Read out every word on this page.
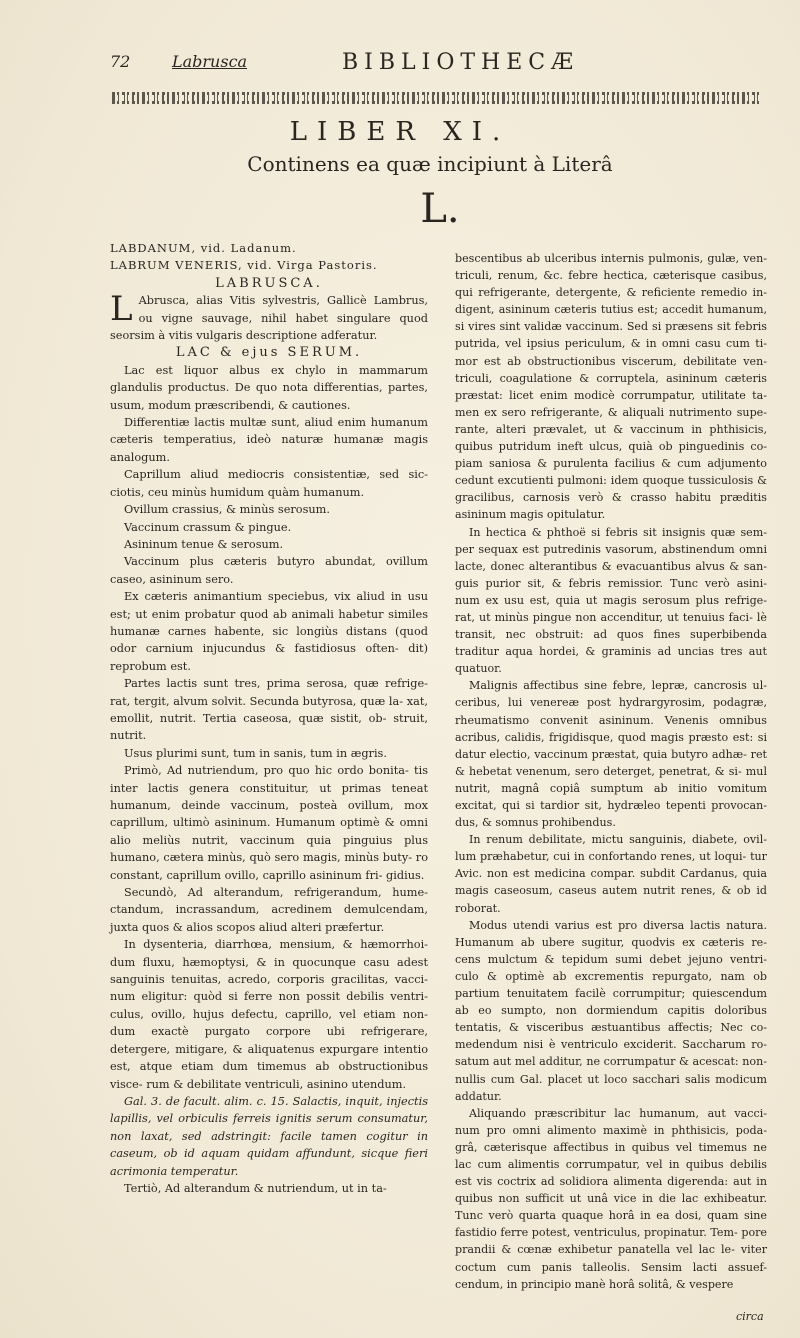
72	Labrusca	BIBLIOTHECÆ
LIBER XI.
Continens ea quæ incipiunt à Literâ
L.

LABDANUM, vid. Ladanum.

LABRUM VENERIS, vid. Virga Pastoris.

LABRUSCA.

L Abrusca, alias Vitis sylvestris, Gallicè Lambrus, ou vigne sauvage, nihil habet singulare quod seorsim à vitis vulgaris descriptione adferatur.

LAC & ejus SERUM.

Lac est liquor albus ex chylo in mammarum glandulis productus. De quo nota differentias, partes, usum, modum præscribendi, & cautiones.

Differentiæ lactis multæ sunt, aliud enim humanum cæteris temperatius, ideò naturæ humanæ magis analogum.

Caprillum aliud mediocris consistentiæ, sed sic- ciotis, ceu minùs humidum quàm humanum.

Ovillum crassius, & minùs serosum.

Vaccinum crassum & pingue.

Asininum tenue & serosum.

Vaccinum plus cæteris butyro abundat, ovillum caseo, asininum sero.

Ex cæteris animantium speciebus, vix aliud in usu est; ut enim probatur quod ab animali habetur similes humanæ carnes habente, sic longiùs distans (quod odor carnium injucundus & fastidiosus often- dit) reprobum est.

Partes lactis sunt tres, prima serosa, quæ refrige- rat, tergit, alvum solvit. Secunda butyrosa, quæ la- xat, emollit, nutrit. Tertia caseosa, quæ sistit, ob- struit, nutrit.

Usus plurimi sunt, tum in sanis, tum in ægris.

Primò, Ad nutriendum, pro quo hic ordo bonita- tis inter lactis genera constituitur, ut primas teneat humanum, deinde vaccinum, posteà ovillum, mox caprillum, ultimò asininum. Humanum optimè & omni alio meliùs nutrit, vaccinum quia pinguius plus humano, cætera minùs, quò sero magis, minùs buty- ro constant, caprillum ovillo, caprillo asininum fri- gidius.

Secundò, Ad alterandum, refrigerandum, hume- ctandum, incrassandum, acredinem demulcendam, juxta quos & alios scopos aliud alteri præfertur.

In dysenteria, diarrhœa, mensium, & hæmorrhoi- dum fluxu, hæmoptysi, & in quocunque casu adest sanguinis tenuitas, acredo, corporis gracilitas, vacci- num eligitur: quòd si ferre non possit debilis ventri- culus, ovillo, hujus defectu, caprillo, vel etiam non- dum exactè purgato corpore ubi refrigerare, detergere, mitigare, & aliquatenus expurgare intentio est, atque etiam dum timemus ab obstructionibus visce- rum & debilitate ventriculi, asinino utendum.

Gal. 3. de facult. alim. c. 15. Salactis, inquit, injectis lapillis, vel orbiculis ferreis ignitis serum consumatur, non laxat, sed adstringit: facile tamen cogitur in caseum, ob id aquam quidam affundunt, sicque fieri acrimonia temperatur.

Tertiò, Ad alterandum & nutriendum, ut in ta-

bescentibus ab ulceribus internis pulmonis, gulæ, ven- triculi, renum, &c. febre hectica, cæterisque casibus, qui refrigerante, detergente, & reficiente remedio in- digent, asininum cæteris tutius est; accedit humanum, si vires sint validæ vaccinum. Sed si præsens sit febris putrida, vel ipsius periculum, & in omni casu cum ti- mor est ab obstructionibus viscerum, debilitate ven- triculi, coagulatione & corruptela, asininum cæteris præstat: licet enim modicè corrumpatur, utilitate ta- men ex sero refrigerante, & aliquali nutrimento supe- rante, alteri prævalet, ut & vaccinum in phthisicis, quibus putridum ineft ulcus, quià ob pinguedinis co- piam saniosa & purulenta facilius & cum adjumento cedunt excutienti pulmoni: idem quoque tussiculosis & gracilibus, carnosis verò & crasso habitu præditis asininum magis opitulatur.

In hectica & phthoë si febris sit insignis quæ sem- per sequax est putredinis vasorum, abstinendum omni lacte, donec alterantibus & evacuantibus alvus & san- guis purior sit, & febris remissior. Tunc verò asini- num ex usu est, quia ut magis serosum plus refrige- rat, ut minùs pingue non accenditur, ut tenuius faci- lè transit, nec obstruit: ad quos fines superbibenda traditur aqua hordei, & graminis ad uncias tres aut quatuor.

Malignis affectibus sine febre, lepræ, cancrosis ul- ceribus, lui venereæ post hydrargyrosim, podagræ, rheumatismo convenit asininum. Venenis omnibus acribus, calidis, frigidisque, quod magis præsto est: si datur electio, vaccinum præstat, quia butyro adhæ- ret & hebetat venenum, sero deterget, penetrat, & si- mul nutrit, magnâ copiâ sumptum ab initio vomitum excitat, qui si tardior sit, hydræleo tepenti provocan- dus, & somnus prohibendus.

In renum debilitate, mictu sanguinis, diabete, ovil- lum præhabetur, cui in confortando renes, ut loqui- tur Avic. non est medicina compar. subdit Cardanus, quia magis caseosum, caseus autem nutrit renes, & ob id roborat.

Modus utendi varius est pro diversa lactis natura. Humanum ab ubere sugitur, quodvis ex cæteris re- cens mulctum & tepidum sumi debet jejuno ventri- culo & optimè ab excrementis repurgato, nam ob partium tenuitatem facilè corrumpitur; quiescendum ab eo sumpto, non dormiendum capitis doloribus tentatis, & visceribus æstuantibus affectis; Nec co- medendum nisi è ventriculo exciderit. Saccharum ro- satum aut mel additur, ne corrumpatur & acescat: non- nullis cum Gal. placet ut loco sacchari salis modicum addatur.

Aliquando præscribitur lac humanum, aut vacci- num pro omni alimento maximè in phthisicis, poda- grâ, cæterisque affectibus in quibus vel timemus ne lac cum alimentis corrumpatur, vel in quibus debilis est vis coctrix ad solidiora alimenta digerenda: aut in quibus non sufficit ut unâ vice in die lac exhibeatur. Tunc verò quarta quaque horâ in ea dosi, quam sine fastidio ferre potest, ventriculus, propinatur. Tem- pore prandii & cœnæ exhibetur panatella vel lac le- viter coctum cum panis talleolis. Sensim lacti assuef- cendum, in principio manè horâ solitâ, & vespere

circa
